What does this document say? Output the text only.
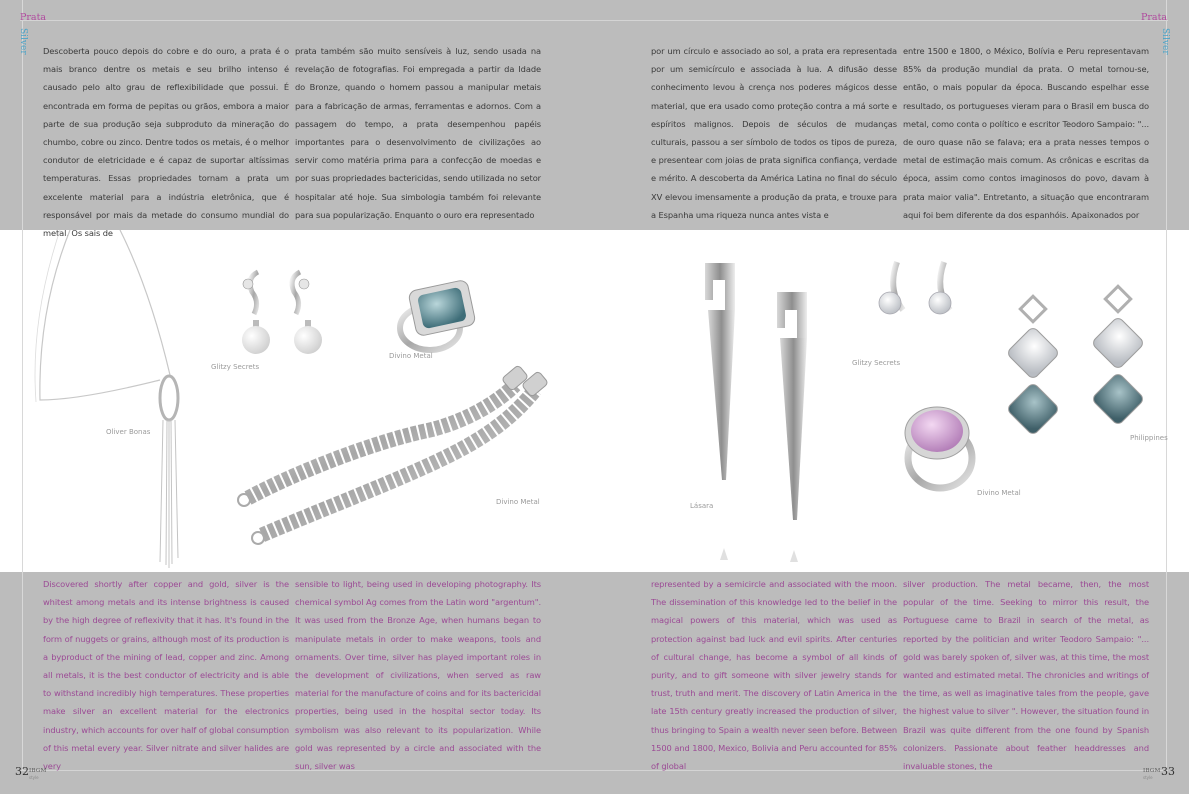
Prata	Prata
Silver	Silver
Descoberta pouco depois do cobre e do ouro, a prata é o mais branco dentre os metais e seu brilho intenso é causado pelo alto grau de reflexibilidade que possui. É encontrada em forma de pepitas ou grãos, embora a maior parte de sua produção seja subproduto da mineração do chumbo, cobre ou zinco. Dentre todos os metais, é o melhor condutor de eletricidade e é capaz de suportar altíssimas temperaturas. Essas propriedades tornam a prata um excelente material para a indústria eletrônica, que é responsável por mais da metade do consumo mundial do metal. Os sais de
prata também são muito sensíveis à luz, sendo usada na revelação de fotografias. Foi empregada a partir da Idade do Bronze, quando o homem passou a manipular metais para a fabricação de armas, ferramentas e adornos. Com a passagem do tempo, a prata desempenhou papéis importantes para o desenvolvimento de civilizações ao servir como matéria prima para a confecção de moedas e por suas propriedades bactericidas, sendo utilizada no setor hospitalar até hoje. Sua simbologia também foi relevante para sua popularização. Enquanto o ouro era representado
por um círculo e associado ao sol, a prata era representada por um semicírculo e associada à lua. A difusão desse conhecimento levou à crença nos poderes mágicos desse material, que era usado como proteção contra a má sorte e espíritos malignos. Depois de séculos de mudanças culturais, passou a ser símbolo de todos os tipos de pureza, e presentear com joias de prata significa confiança, verdade e mérito. A descoberta da América Latina no final do século XV elevou imensamente a produção da prata, e trouxe para a Espanha uma riqueza nunca antes vista e
entre 1500 e 1800, o México, Bolívia e Peru representavam 85% da produção mundial da prata. O metal tornou-se, então, o mais popular da época. Buscando espelhar esse resultado, os portugueses vieram para o Brasil em busca do metal, como conta o político e escritor Teodoro Sampaio: "... de ouro quase não se falava; era a prata nesses tempos o metal de estimação mais comum. As crônicas e escritas da época, assim como contos imaginosos do povo, davam à prata maior valia". Entretanto, a situação que encontraram aqui foi bem diferente da dos espanhóis. Apaixonados por
Oliver Bonas
Glitzy Secrets
Divino Metal
Divino Metal	Lásara
Glitzy Secrets
Divino Metal
Philippines
Discovered shortly after copper and gold, silver is the whitest among metals and its intense brightness is caused by the high degree of reflexivity that it has. It's found in the form of nuggets or grains, although most of its production is a byproduct of the mining of lead, copper and zinc. Among all metals, it is the best conductor of electricity and is able to withstand incredibly high temperatures. These properties make silver an excellent material for the electronics industry, which accounts for over half of global consumption of this metal every year. Silver nitrate and silver halides are very
sensible to light, being used in developing photography. Its chemical symbol Ag comes from the Latin word "argentum". It was used from the Bronze Age, when humans began to manipulate metals in order to make weapons, tools and ornaments. Over time, silver has played important roles in the development of civilizations, when served as raw material for the manufacture of coins and for its bactericidal properties, being used in the hospital sector today. Its symbolism was also relevant to its popularization. While gold was represented by a circle and associated with the sun, silver was
represented by a semicircle and associated with the moon. The dissemination of this knowledge led to the belief in the magical powers of this material, which was used as protection against bad luck and evil spirits. After centuries of cultural change, has become a symbol of all kinds of purity, and to gift someone with silver jewelry stands for trust, truth and merit. The discovery of Latin America in the late 15th century greatly increased the production of silver, thus bringing to Spain a wealth never seen before. Between 1500 and 1800, Mexico, Bolivia and Peru accounted for 85% of global
silver production. The metal became, then, the most popular of the time. Seeking to mirror this result, the Portuguese came to Brazil in search of the metal, as reported by the politician and writer Teodoro Sampaio: "... gold was barely spoken of, silver was, at this time, the most wanted and estimated metal. The chronicles and writings of the time, as well as imaginative tales from the people, gave the highest value to silver ". However, the situation found in Brazil was quite different from the one found by Spanish colonizers. Passionate about feather headdresses and invaluable stones, the
32 IBGM
style
IBGM
style 33
